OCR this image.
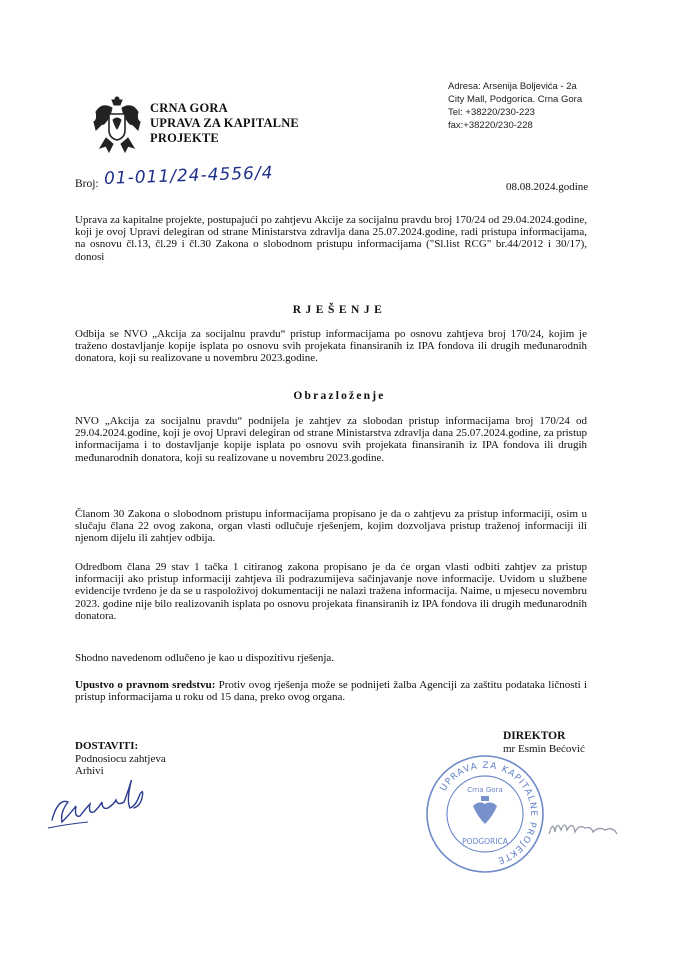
CRNA GORA
UPRAVA ZA KAPITALNE
PROJEKTE
Adresa: Arsenija Boljevića - 2a
City Mall, Podgorica. Crna Gora
Tel: +38220/230-223
fax:+38220/230-228
Broj: 01-011/24-4556/4	08.08.2024.godine
Uprava za kapitalne projekte, postupajući po zahtjevu Akcije za socijalnu pravdu broj 170/24 od 29.04.2024.godine, koji je ovoj Upravi delegiran od strane Ministarstva zdravlja dana 25.07.2024.godine, radi pristupa informacijama, na osnovu čl.13, čl.29 i čl.30 Zakona o slobodnom pristupu informacijama ("Sl.list RCG" br.44/2012 i 30/17), donosi
RJEŠENJE
Odbija se NVO „Akcija za socijalnu pravdu“ pristup informacijama po osnovu zahtjeva broj 170/24, kojim je traženo dostavljanje kopije isplata po osnovu svih projekata finansiranih iz IPA fondova ili drugih međunarodnih donatora, koji su realizovane u novembru 2023.godine.
Obrazloženje
NVO „Akcija za socijalnu pravdu“ podnijela je zahtjev za slobodan pristup informacijama broj 170/24 od 29.04.2024.godine, koji je ovoj Upravi delegiran od strane Ministarstva zdravlja dana 25.07.2024.godine, za pristup informacijama i to dostavljanje kopije isplata po osnovu svih projekata finansiranih iz IPA fondova ili drugih međunarodnih donatora, koji su realizovane u novembru 2023.godine.
Članom 30 Zakona o slobodnom pristupu informacijama propisano je da o zahtjevu za pristup informaciji, osim u slučaju člana 22 ovog zakona, organ vlasti odlučuje rješenjem, kojim dozvoljava pristup traženoj informaciji ili njenom dijelu ili zahtjev odbija.
Odredbom člana 29 stav 1 tačka 1 citiranog zakona propisano je da će organ vlasti odbiti zahtjev za pristup informaciji ako pristup informaciji zahtjeva ili podrazumijeva sačinjavanje nove informacije. Uvidom u službene evidencije tvrđeno je da se u raspoloživoj dokumentaciji ne nalazi tražena informacija. Naime, u mjesecu novembru 2023. godine nije bilo realizovanih isplata po osnovu projekata finansiranih iz IPA fondova ili drugih međunarodnih donatora.
Shodno navedenom odlučeno je kao u dispozitivu rješenja.
Upustvo o pravnom sredstvu: Protiv ovog rješenja može se podnijeti žalba Agenciji za zaštitu podataka ličnosti i pristup informacijama u roku od 15 dana, preko ovog organa.
DOSTAVITI:
Podnosiocu zahtjeva
Arhivi
DIREKTOR
mr Esmin Bećović
UPRAVA ZA KAPITALNE PROJEKTE
Crna Gora
PODGORICA
